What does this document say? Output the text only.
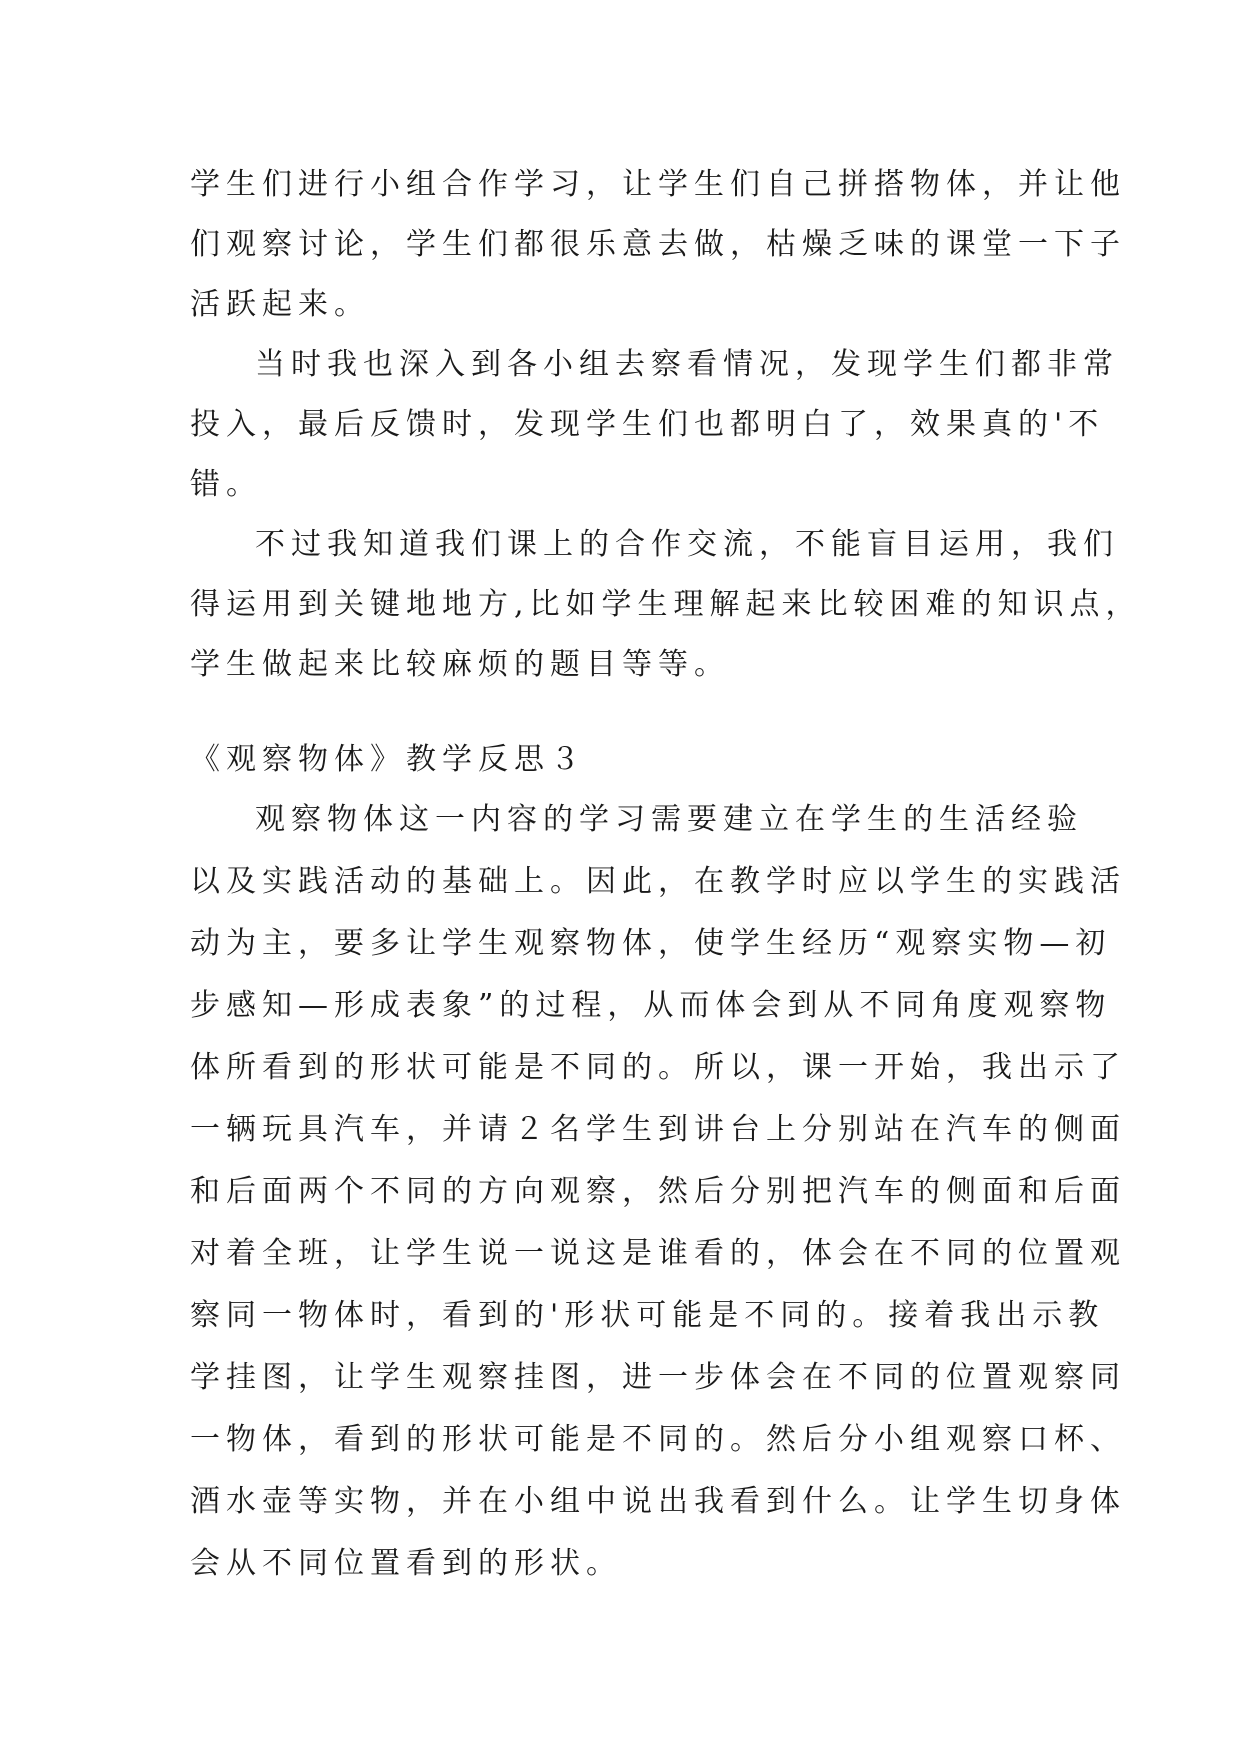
学生们进行小组合作学习，让学生们自己拼搭物体，并让他
们观察讨论，学生们都很乐意去做，枯燥乏味的课堂一下子
活跃起来。
当时我也深入到各小组去察看情况，发现学生们都非常
投入，最后反馈时，发现学生们也都明白了，效果真的'不
错。
不过我知道我们课上的合作交流，不能盲目运用，我们
得运用到关键地地方,比如学生理解起来比较困难的知识点，
学生做起来比较麻烦的题目等等。
《观察物体》教学反思３
观察物体这一内容的学习需要建立在学生的生活经验
以及实践活动的基础上。因此，在教学时应以学生的实践活
动为主，要多让学生观察物体，使学生经历“观察实物—初
步感知—形成表象”的过程，从而体会到从不同角度观察物
体所看到的形状可能是不同的。所以，课一开始，我出示了
一辆玩具汽车，并请２名学生到讲台上分别站在汽车的侧面
和后面两个不同的方向观察，然后分别把汽车的侧面和后面
对着全班，让学生说一说这是谁看的，体会在不同的位置观
察同一物体时，看到的'形状可能是不同的。接着我出示教
学挂图，让学生观察挂图，进一步体会在不同的位置观察同
一物体，看到的形状可能是不同的。然后分小组观察口杯、
酒水壶等实物，并在小组中说出我看到什么。让学生切身体
会从不同位置看到的形状。
